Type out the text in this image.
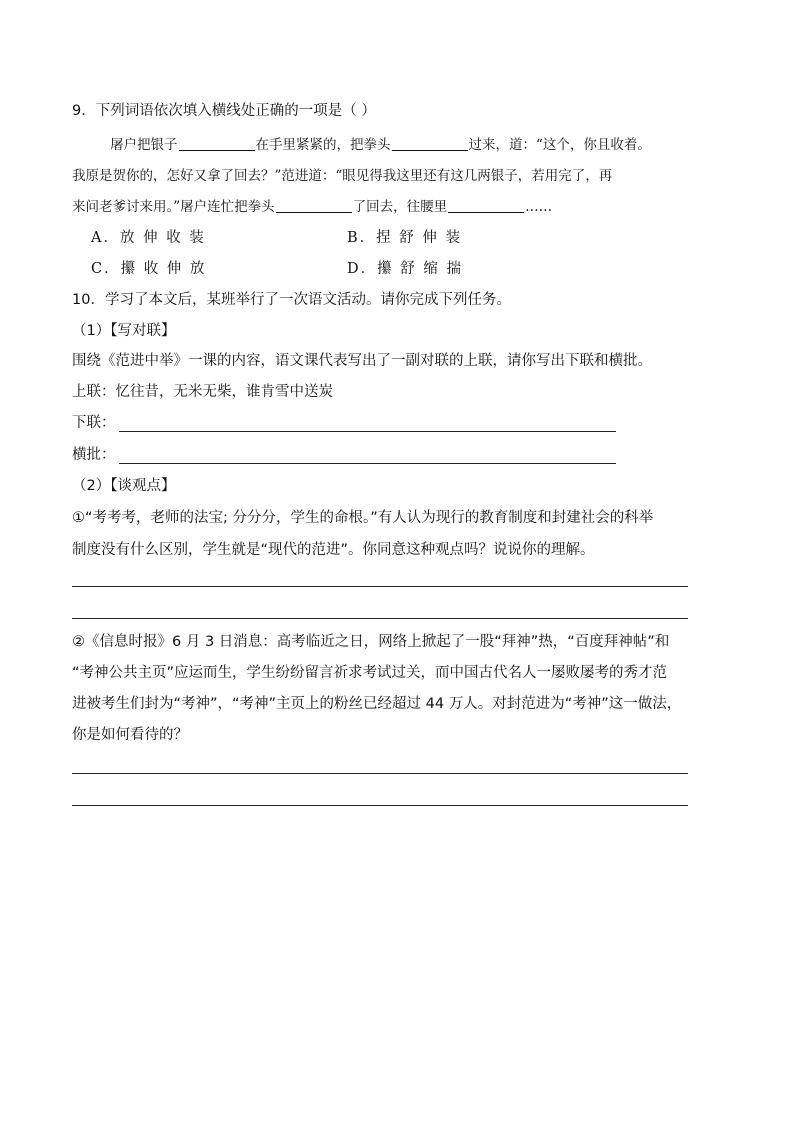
9．下列词语依次填入横线处正确的一项是（ ）
屠户把银子	在手里紧紧的，把拳头	过来，道：“这个，你且收着。
我原是贺你的，怎好又拿了回去？”范进道：“眼见得我这里还有这几两银子，若用完了，再
来问老爹讨来用。”屠户连忙把拳头	了回去，往腰里	……
A．放 伸 收 装	B．捏 舒 伸 装
C．攥 收 伸 放	D．攥 舒 缩 揣
10．学习了本文后，某班举行了一次语文活动。请你完成下列任务。
（1）【写对联】
围绕《范进中举》一课的内容，语文课代表写出了一副对联的上联，请你写出下联和横批。
上联：忆往昔，无米无柴，谁肯雪中送炭
下联：
横批：
（2）【谈观点】
①“考考考，老师的法宝; 分分分，学生的命根。”有人认为现行的教育制度和封建社会的科举
制度没有什么区别，学生就是“现代的范进”。你同意这种观点吗？说说你的理解。
②《信息时报》6 月 3 日消息：高考临近之日，网络上掀起了一股“拜神”热，“百度拜神帖”和
“考神公共主页”应运而生，学生纷纷留言祈求考试过关，而中国古代名人一屡败屡考的秀才范
进被考生们封为“考神”，“考神”主页上的粉丝已经超过 44 万人。对封范进为“考神”这一做法，
你是如何看待的？
